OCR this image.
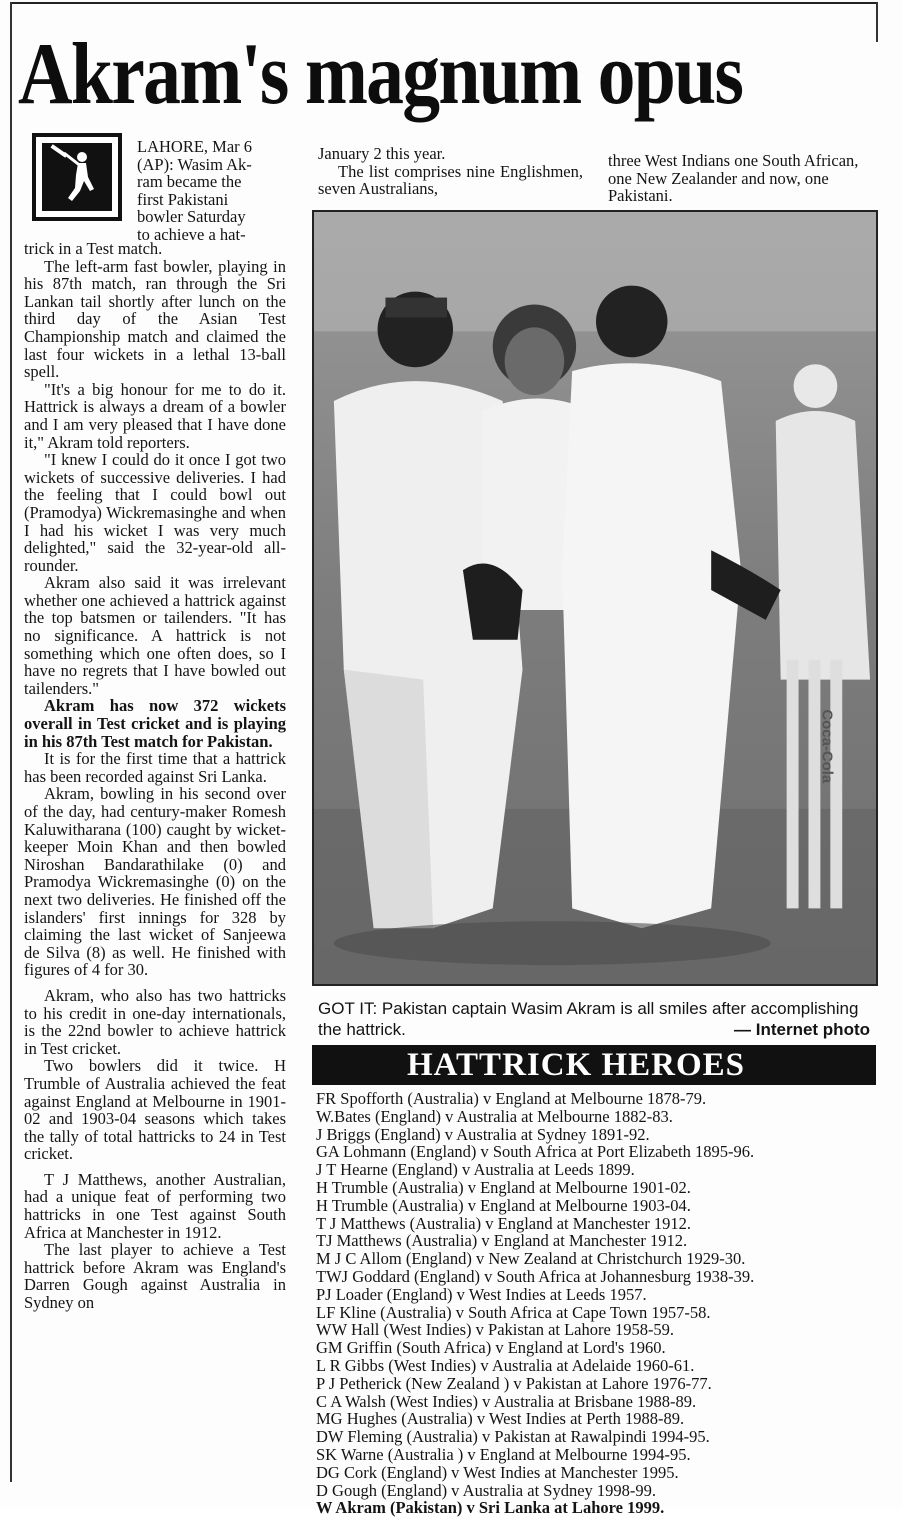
Akram's magnum opus
LAHORE, Mar 6
(AP): Wasim Ak-
ram became the
first Pakistani
bowler Saturday
to achieve a hat-

trick in a Test match.

The left-arm fast bowler, playing in his 87th match, ran through the Sri Lankan tail shortly after lunch on the third day of the Asian Test Championship match and claimed the last four wickets in a lethal 13-ball spell.

"It's a big honour for me to do it. Hattrick is always a dream of a bowler and I am very pleased that I have done it," Akram told reporters.

"I knew I could do it once I got two wickets of successive deliveries. I had the feeling that I could bowl out (Pramodya) Wickremasinghe and when I had his wicket I was very much delighted," said the 32-year-old all-rounder.

Akram also said it was irrelevant whether one achieved a hattrick against the top batsmen or tailenders. "It has no significance. A hattrick is not something which one often does, so I have no regrets that I have bowled out tailenders."

Akram has now 372 wickets overall in Test cricket and is playing in his 87th Test match for Pakistan.

It is for the first time that a hattrick has been recorded against Sri Lanka.

Akram, bowling in his second over of the day, had century-maker Romesh Kaluwitharana (100) caught by wicket-keeper Moin Khan and then bowled Niroshan Bandarathilake (0) and Pramodya Wickremasinghe (0) on the next two deliveries. He finished off the islanders' first innings for 328 by claiming the last wicket of Sanjeewa de Silva (8) as well. He finished with figures of 4 for 30.

Akram, who also has two hattricks to his credit in one-day internationals, is the 22nd bowler to achieve hattrick in Test cricket.

Two bowlers did it twice. H Trumble of Australia achieved the feat against England at Melbourne in 1901-02 and 1903-04 seasons which takes the tally of total hattricks to 24 in Test cricket.

T J Matthews, another Australian, had a unique feat of performing two hattricks in one Test against South Africa at Manchester in 1912.

The last player to achieve a Test hattrick before Akram was England's Darren Gough against Australia in Sydney on

January 2 this year.

The list comprises nine Englishmen, seven Australians,

three West Indians one South African, one New Zealander and now, one Pakistani.

Coca-Cola
GOT IT: Pakistan captain Wasim Akram is all smiles after accomplishing the hattrick.	— Internet photo
HATTRICK HEROES
FR Spofforth (Australia) v England at Melbourne 1878-79.
W.Bates (England) v Australia at Melbourne 1882-83.
J Briggs (England) v Australia at Sydney 1891-92.
GA Lohmann (England) v South Africa at Port Elizabeth 1895-96.
J T Hearne (England) v Australia at Leeds 1899.
H Trumble (Australia) v England at Melbourne 1901-02.
H Trumble (Australia) v England at Melbourne 1903-04.
T J Matthews (Australia) v England at Manchester 1912.
TJ Matthews (Australia) v England at Manchester 1912.
M J C Allom (England) v New Zealand at Christchurch 1929-30.
TWJ Goddard (England) v South Africa at Johannesburg 1938-39.
PJ Loader (England) v West Indies at Leeds 1957.
LF Kline (Australia) v South Africa at Cape Town 1957-58.
WW Hall (West Indies) v Pakistan at Lahore 1958-59.
GM Griffin (South Africa) v England at Lord's 1960.
L R Gibbs (West Indies) v Australia at Adelaide 1960-61.
P J Petherick (New Zealand ) v Pakistan at Lahore 1976-77.
C A Walsh (West Indies) v Australia at Brisbane 1988-89.
MG Hughes (Australia) v West Indies at Perth 1988-89.
DW Fleming (Australia) v Pakistan at Rawalpindi 1994-95.
SK Warne (Australia ) v England at Melbourne 1994-95.
DG Cork (England) v West Indies at Manchester 1995.
D Gough (England) v Australia at Sydney 1998-99.
W Akram (Pakistan) v Sri Lanka at Lahore 1999.
